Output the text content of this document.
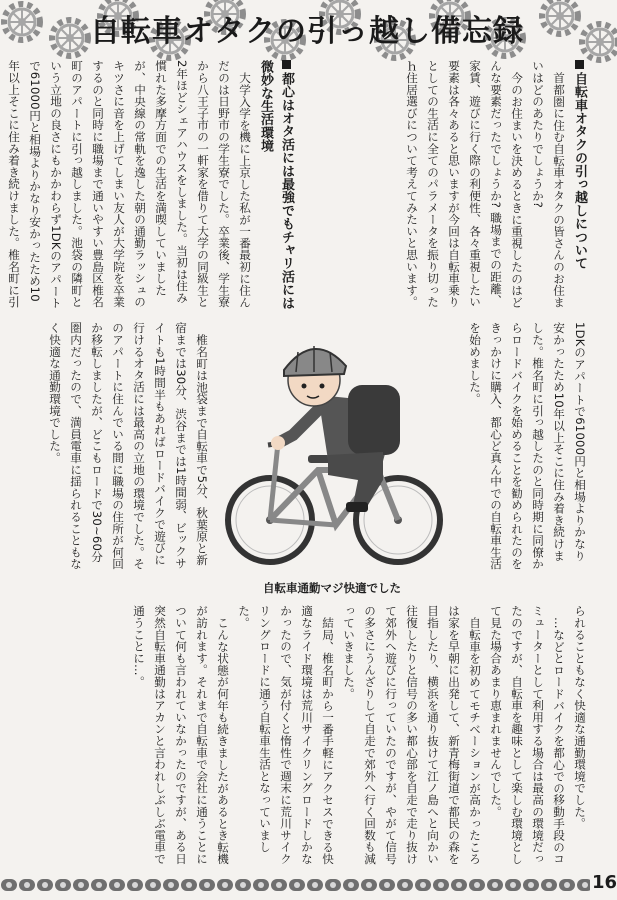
自転車オタクの引っ越し備忘録

自転車オタクの引っ越しについて

首都圏に住む自転車オタクの皆さんのお住まいはどのあたりでしょうか?

今のお住まいを決めるときに重視したのはどんな要素だったでしょうか? 職場までの距離、家賃、遊びに行く際の利便性、各々重視したい要素は各々あると思いますが今回は自転車乗りとしての生活に全てのパラメータを振り切ったｈ住居選びについて考えてみたいと思います。

都心はオタ活には最強でもチャリ活には微妙な生活環境

大学入学を機に上京した私が一番最初に住んだのは日野市の学生寮でした。卒業後、学生寮から八王子市の一軒家を借りて大学の同級生と2年ほどシェアハウスをしました。当初は住み慣れた多摩方面での生活を満喫していましたが、中央線の常軌を逸した朝の通勤ラッシュのキツさに音を上げてしまい友人が大学院を卒業するのと同時に職場まで通いやすい豊島区椎名町のアパートに引っ越しました。池袋の隣町という立地の良さにもかかわらず1DKのアパートで61000円と相場よりかなり安かったため10年以上そこに住み着き続けました。椎名町に引

1DKのアパートで61000円と相場よりかなり安かったため10年以上そこに住み着き続けました。椎名町に引っ越したのと同時期に同僚からロードバイクを始めることを勧められたのをきっかけに購入、都心ど真ん中での自転車生活を始めました。

椎名町は池袋まで自転車で5分、秋葉原と新宿までは30分、渋谷までは1時間弱、ビックサイトも1時間半もあればロードバイクで遊びに行けるオタ活には最高の立地の環境でした。そのアパートに住んでいる間に職場の住所が何回か移転しましたが、どこもロードで30~60分圏内だったので、満員電車に揺られることもなく快適な通勤環境でした。

自転車通勤マジ快適でした

られることもなく快適な通勤環境でした。

…などとロードバイクを都心での移動手段のコミューターとして利用する場合は最高の環境だったのですが、自転車を趣味として楽しむ環境として見た場合あまり恵まれませんでした。

自転車を初めてモチベーションが高かったころは家を早朝に出発して、新青梅街道で都民の森を目指したり、横浜を通り抜けて江ノ島へと向かい往復したりと信号の多い都心部を自走で走り抜けて郊外へ遊びに行っていたのですが、やがて信号の多さにうんざりして自走で郊外へ行く回数も減っていきました。

結局、椎名町から一番手軽にアクセスできる快適なライド環境は荒川サイクリングロードしかなかったので、気が付くと惰性で週末に荒川サイクリングロードに通う自転車生活となっていました。

こんな状態が何年も続きましたがあるとき転機が訪れます。それまで自転車で会社に通うことについて何も言われていなかったのですが、ある日突然自転車通勤はアカンと言われしぶしぶ電車で通うことに…。

16
